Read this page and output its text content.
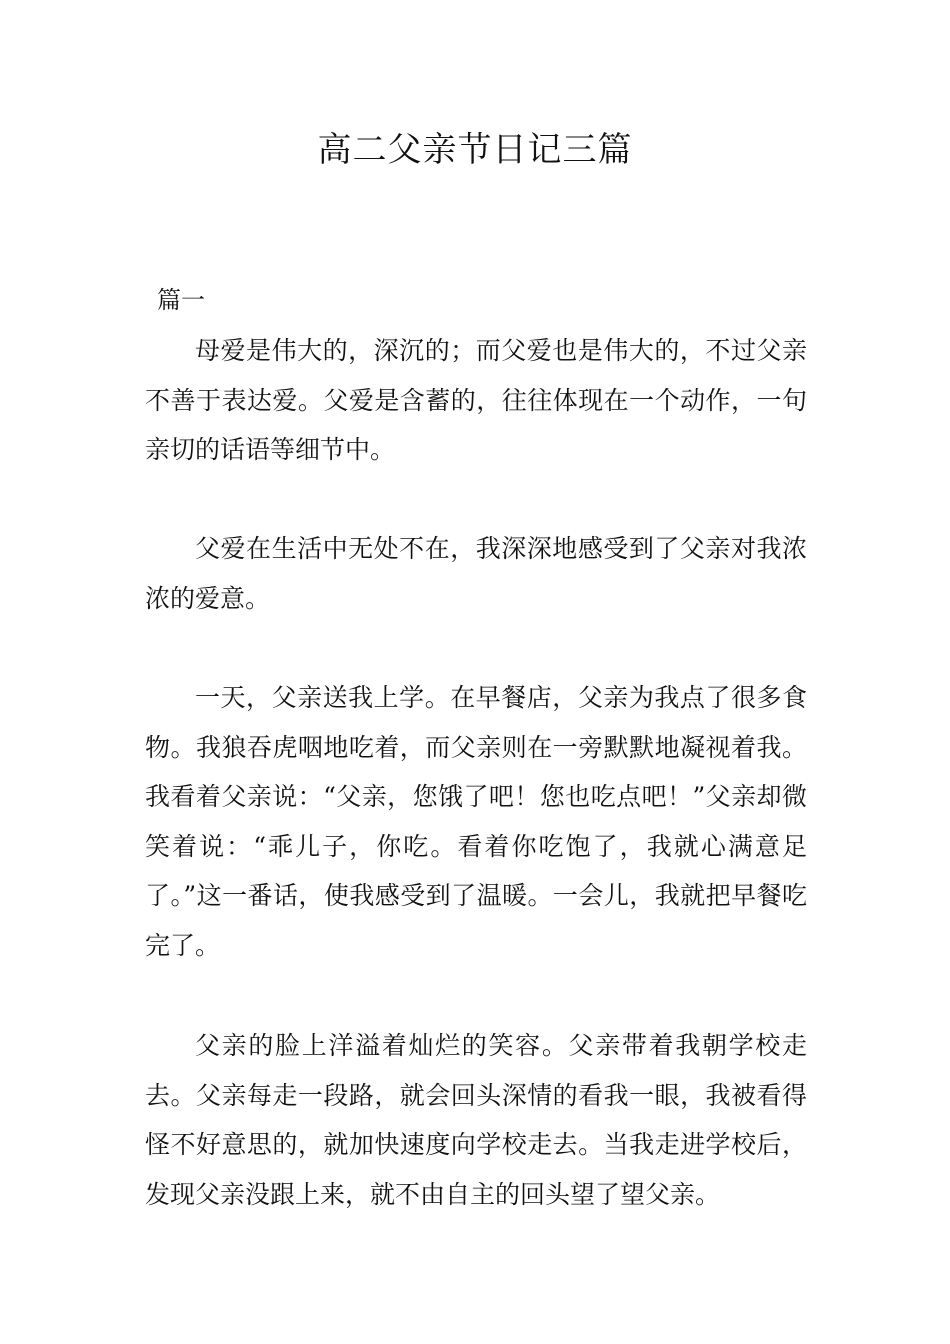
高二父亲节日记三篇
篇一

母爱是伟大的，深沉的；而父爱也是伟大的，不过父亲不善于表达爱。父爱是含蓄的，往往体现在一个动作，一句亲切的话语等细节中。

父爱在生活中无处不在，我深深地感受到了父亲对我浓浓的爱意。

一天，父亲送我上学。在早餐店，父亲为我点了很多食物。我狼吞虎咽地吃着，而父亲则在一旁默默地凝视着我。我看着父亲说：“父亲，您饿了吧！您也吃点吧！”父亲却微笑着说：“乖儿子，你吃。看着你吃饱了，我就心满意足了。”这一番话，使我感受到了温暖。一会儿，我就把早餐吃完了。

父亲的脸上洋溢着灿烂的笑容。父亲带着我朝学校走去。父亲每走一段路，就会回头深情的看我一眼，我被看得怪不好意思的，就加快速度向学校走去。当我走进学校后，发现父亲没跟上来，就不由自主的回头望了望父亲。
